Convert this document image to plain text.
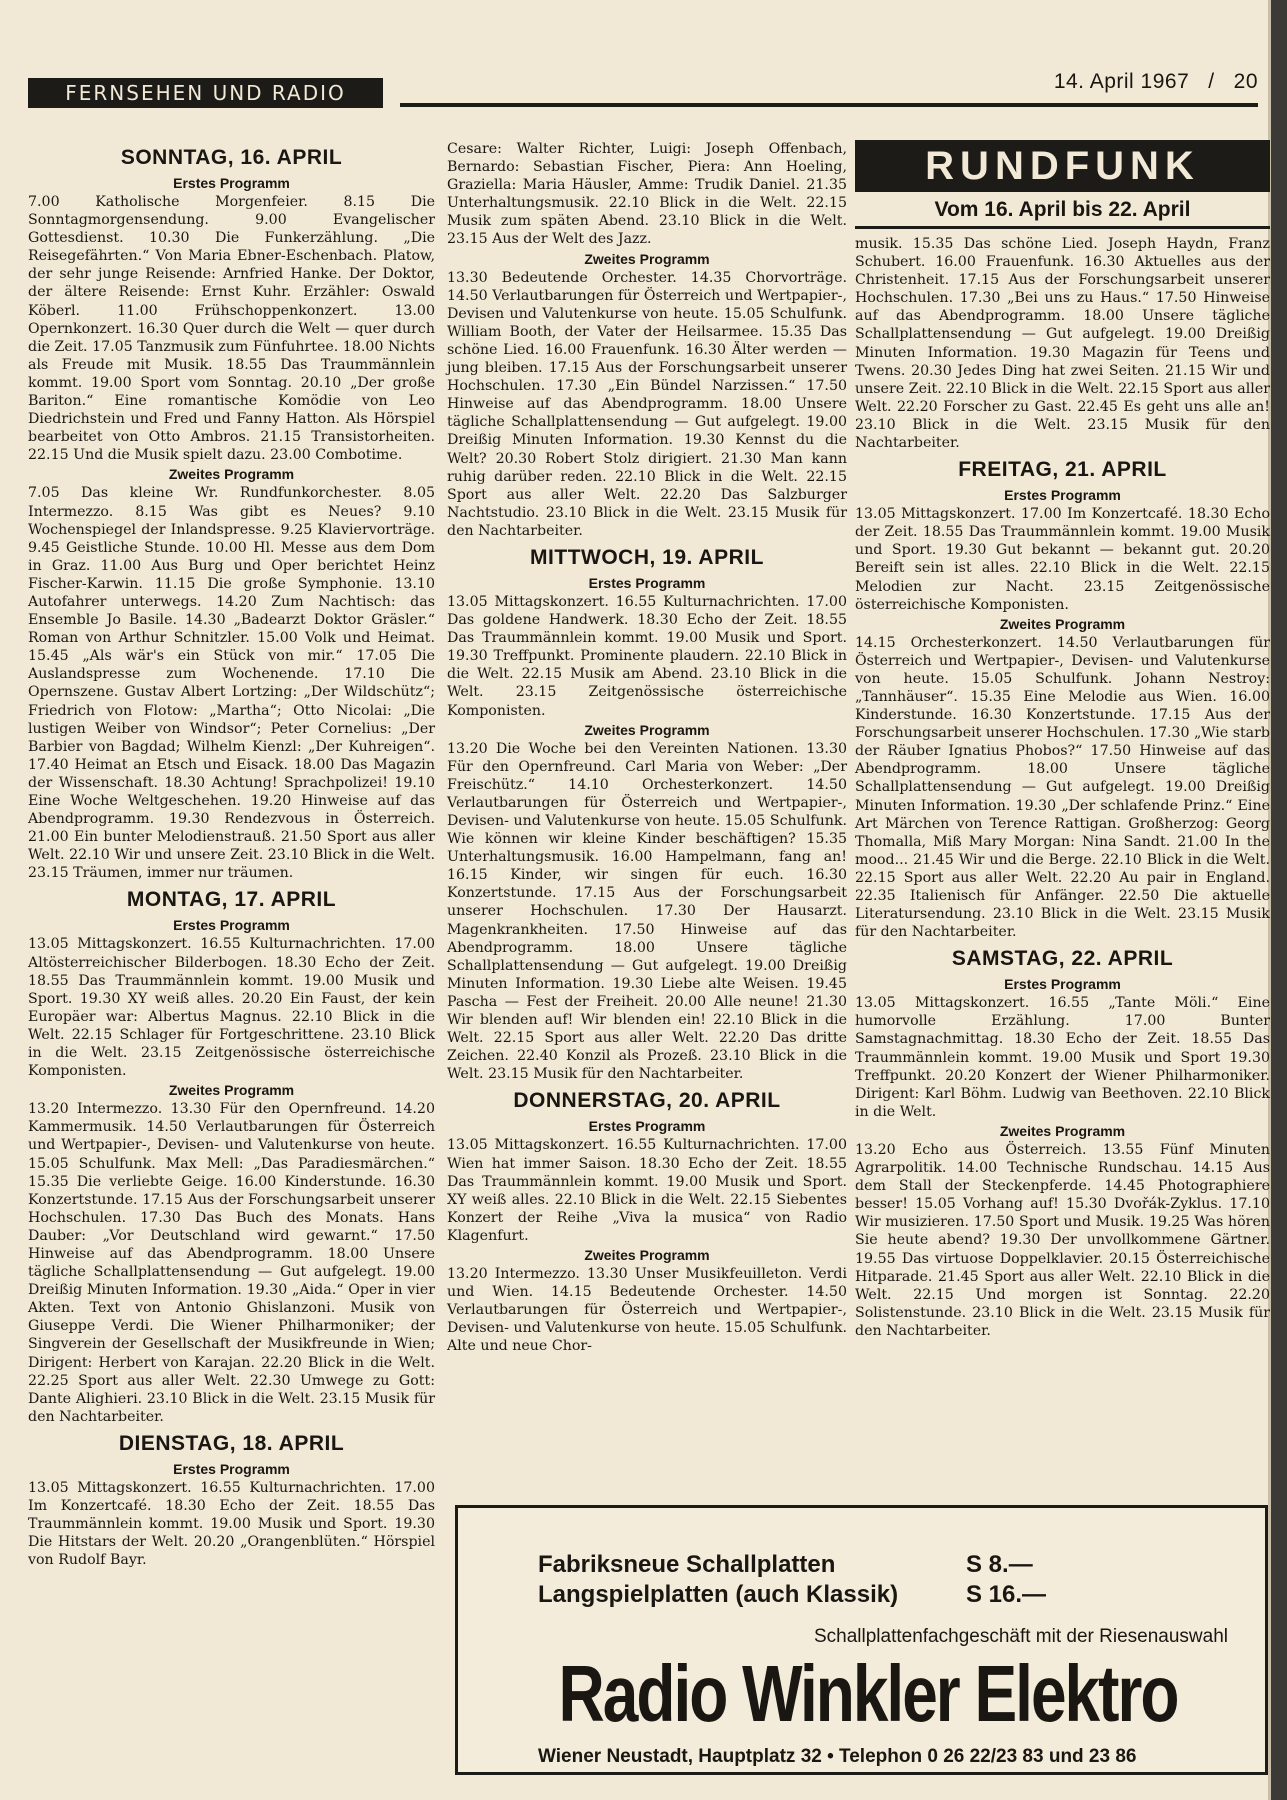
FERNSEHEN UND RADIO	14. April 1967 / 20
SONNTAG, 16. APRIL
Erstes Programm

7.00 Katholische Morgenfeier. 8.15 Die Sonntagmorgensendung. 9.00 Evangelischer Gottesdienst. 10.30 Die Funkerzählung. „Die Reisegefährten.“ Von Maria Ebner-Eschenbach. Platow, der sehr junge Reisende: Arnfried Hanke. Der Doktor, der ältere Reisende: Ernst Kuhr. Erzähler: Oswald Köberl. 11.00 Frühschoppenkonzert. 13.00 Opernkonzert. 16.30 Quer durch die Welt — quer durch die Zeit. 17.05 Tanzmusik zum Fünfuhrtee. 18.00 Nichts als Freude mit Musik. 18.55 Das Traummännlein kommt. 19.00 Sport vom Sonntag. 20.10 „Der große Bariton.“ Eine romantische Komödie von Leo Diedrichstein und Fred und Fanny Hatton. Als Hörspiel bearbeitet von Otto Ambros. 21.15 Transistorheiten. 22.15 Und die Musik spielt dazu. 23.00 Combotime.

Zweites Programm

7.05 Das kleine Wr. Rundfunkorchester. 8.05 Intermezzo. 8.15 Was gibt es Neues? 9.10 Wochenspiegel der Inlandspresse. 9.25 Klaviervorträge. 9.45 Geistliche Stunde. 10.00 Hl. Messe aus dem Dom in Graz. 11.00 Aus Burg und Oper berichtet Heinz Fischer-Karwin. 11.15 Die große Symphonie. 13.10 Autofahrer unterwegs. 14.20 Zum Nachtisch: das Ensemble Jo Basile. 14.30 „Badearzt Doktor Gräsler.“ Roman von Arthur Schnitzler. 15.00 Volk und Heimat. 15.45 „Als wär's ein Stück von mir.“ 17.05 Die Auslandspresse zum Wochenende. 17.10 Die Opernszene. Gustav Albert Lortzing: „Der Wildschütz“; Friedrich von Flotow: „Martha“; Otto Nicolai: „Die lustigen Weiber von Windsor“; Peter Cornelius: „Der Barbier von Bagdad; Wilhelm Kienzl: „Der Kuhreigen“. 17.40 Heimat an Etsch und Eisack. 18.00 Das Magazin der Wissenschaft. 18.30 Achtung! Sprachpolizei! 19.10 Eine Woche Weltgeschehen. 19.20 Hinweise auf das Abendprogramm. 19.30 Rendezvous in Österreich. 21.00 Ein bunter Melodienstrauß. 21.50 Sport aus aller Welt. 22.10 Wir und unsere Zeit. 23.10 Blick in die Welt. 23.15 Träumen, immer nur träumen.

MONTAG, 17. APRIL
Erstes Programm

13.05 Mittagskonzert. 16.55 Kulturnachrichten. 17.00 Altösterreichischer Bilderbogen. 18.30 Echo der Zeit. 18.55 Das Traummännlein kommt. 19.00 Musik und Sport. 19.30 XY weiß alles. 20.20 Ein Faust, der kein Europäer war: Albertus Magnus. 22.10 Blick in die Welt. 22.15 Schlager für Fortgeschrittene. 23.10 Blick in die Welt. 23.15 Zeitgenössische österreichische Komponisten.

Zweites Programm

13.20 Intermezzo. 13.30 Für den Opernfreund. 14.20 Kammermusik. 14.50 Verlautbarungen für Österreich und Wertpapier-, Devisen- und Valutenkurse von heute. 15.05 Schulfunk. Max Mell: „Das Paradiesmärchen.“ 15.35 Die verliebte Geige. 16.00 Kinderstunde. 16.30 Konzertstunde. 17.15 Aus der Forschungsarbeit unserer Hochschulen. 17.30 Das Buch des Monats. Hans Dauber: „Vor Deutschland wird gewarnt.“ 17.50 Hinweise auf das Abendprogramm. 18.00 Unsere tägliche Schallplattensendung — Gut aufgelegt. 19.00 Dreißig Minuten Information. 19.30 „Aida.“ Oper in vier Akten. Text von Antonio Ghislanzoni. Musik von Giuseppe Verdi. Die Wiener Philharmoniker; der Singverein der Gesellschaft der Musikfreunde in Wien; Dirigent: Herbert von Karajan. 22.20 Blick in die Welt. 22.25 Sport aus aller Welt. 22.30 Umwege zu Gott: Dante Alighieri. 23.10 Blick in die Welt. 23.15 Musik für den Nachtarbeiter.

DIENSTAG, 18. APRIL
Erstes Programm

13.05 Mittagskonzert. 16.55 Kulturnachrichten. 17.00 Im Konzertcafé. 18.30 Echo der Zeit. 18.55 Das Traummännlein kommt. 19.00 Musik und Sport. 19.30 Die Hitstars der Welt. 20.20 „Orangenblüten.“ Hörspiel von Rudolf Bayr.

Cesare: Walter Richter, Luigi: Joseph Offenbach, Bernardo: Sebastian Fischer, Piera: Ann Hoeling, Graziella: Maria Häusler, Amme: Trudik Daniel. 21.35 Unterhaltungsmusik. 22.10 Blick in die Welt. 22.15 Musik zum späten Abend. 23.10 Blick in die Welt. 23.15 Aus der Welt des Jazz.

Zweites Programm

13.30 Bedeutende Orchester. 14.35 Chorvorträge. 14.50 Verlautbarungen für Österreich und Wertpapier-, Devisen und Valutenkurse von heute. 15.05 Schulfunk. William Booth, der Vater der Heilsarmee. 15.35 Das schöne Lied. 16.00 Frauenfunk. 16.30 Älter werden — jung bleiben. 17.15 Aus der Forschungsarbeit unserer Hochschulen. 17.30 „Ein Bündel Narzissen.“ 17.50 Hinweise auf das Abendprogramm. 18.00 Unsere tägliche Schallplattensendung — Gut aufgelegt. 19.00 Dreißig Minuten Information. 19.30 Kennst du die Welt? 20.30 Robert Stolz dirigiert. 21.30 Man kann ruhig darüber reden. 22.10 Blick in die Welt. 22.15 Sport aus aller Welt. 22.20 Das Salzburger Nachtstudio. 23.10 Blick in die Welt. 23.15 Musik für den Nachtarbeiter.

MITTWOCH, 19. APRIL
Erstes Programm

13.05 Mittagskonzert. 16.55 Kulturnachrichten. 17.00 Das goldene Handwerk. 18.30 Echo der Zeit. 18.55 Das Traummännlein kommt. 19.00 Musik und Sport. 19.30 Treffpunkt. Prominente plaudern. 22.10 Blick in die Welt. 22.15 Musik am Abend. 23.10 Blick in die Welt. 23.15 Zeitgenössische österreichische Komponisten.

Zweites Programm

13.20 Die Woche bei den Vereinten Nationen. 13.30 Für den Opernfreund. Carl Maria von Weber: „Der Freischütz.“ 14.10 Orchesterkonzert. 14.50 Verlautbarungen für Österreich und Wertpapier-, Devisen- und Valutenkurse von heute. 15.05 Schulfunk. Wie können wir kleine Kinder beschäftigen? 15.35 Unterhaltungsmusik. 16.00 Hampelmann, fang an! 16.15 Kinder, wir singen für euch. 16.30 Konzertstunde. 17.15 Aus der Forschungsarbeit unserer Hochschulen. 17.30 Der Hausarzt. Magenkrankheiten. 17.50 Hinweise auf das Abendprogramm. 18.00 Unsere tägliche Schallplattensendung — Gut aufgelegt. 19.00 Dreißig Minuten Information. 19.30 Liebe alte Weisen. 19.45 Pascha — Fest der Freiheit. 20.00 Alle neune! 21.30 Wir blenden auf! Wir blenden ein! 22.10 Blick in die Welt. 22.15 Sport aus aller Welt. 22.20 Das dritte Zeichen. 22.40 Konzil als Prozeß. 23.10 Blick in die Welt. 23.15 Musik für den Nachtarbeiter.

DONNERSTAG, 20. APRIL
Erstes Programm

13.05 Mittagskonzert. 16.55 Kulturnachrichten. 17.00 Wien hat immer Saison. 18.30 Echo der Zeit. 18.55 Das Traummännlein kommt. 19.00 Musik und Sport. XY weiß alles. 22.10 Blick in die Welt. 22.15 Siebentes Konzert der Reihe „Viva la musica“ von Radio Klagenfurt.

Zweites Programm

13.20 Intermezzo. 13.30 Unser Musikfeuilleton. Verdi und Wien. 14.15 Bedeutende Orchester. 14.50 Verlautbarungen für Österreich und Wertpapier-, Devisen- und Valutenkurse von heute. 15.05 Schulfunk. Alte und neue Chor-

RUNDFUNK
Vom 16. April bis 22. April

musik. 15.35 Das schöne Lied. Joseph Haydn, Franz Schubert. 16.00 Frauenfunk. 16.30 Aktuelles aus der Christenheit. 17.15 Aus der Forschungsarbeit unserer Hochschulen. 17.30 „Bei uns zu Haus.“ 17.50 Hinweise auf das Abendprogramm. 18.00 Unsere tägliche Schallplattensendung — Gut aufgelegt. 19.00 Dreißig Minuten Information. 19.30 Magazin für Teens und Twens. 20.30 Jedes Ding hat zwei Seiten. 21.15 Wir und unsere Zeit. 22.10 Blick in die Welt. 22.15 Sport aus aller Welt. 22.20 Forscher zu Gast. 22.45 Es geht uns alle an! 23.10 Blick in die Welt. 23.15 Musik für den Nachtarbeiter.

FREITAG, 21. APRIL
Erstes Programm

13.05 Mittagskonzert. 17.00 Im Konzertcafé. 18.30 Echo der Zeit. 18.55 Das Traummännlein kommt. 19.00 Musik und Sport. 19.30 Gut bekannt — bekannt gut. 20.20 Bereift sein ist alles. 22.10 Blick in die Welt. 22.15 Melodien zur Nacht. 23.15 Zeitgenössische österreichische Komponisten.

Zweites Programm

14.15 Orchesterkonzert. 14.50 Verlautbarungen für Österreich und Wertpapier-, Devisen- und Valutenkurse von heute. 15.05 Schulfunk. Johann Nestroy: „Tannhäuser“. 15.35 Eine Melodie aus Wien. 16.00 Kinderstunde. 16.30 Konzertstunde. 17.15 Aus der Forschungsarbeit unserer Hochschulen. 17.30 „Wie starb der Räuber Ignatius Phobos?“ 17.50 Hinweise auf das Abendprogramm. 18.00 Unsere tägliche Schallplattensendung — Gut aufgelegt. 19.00 Dreißig Minuten Information. 19.30 „Der schlafende Prinz.“ Eine Art Märchen von Terence Rattigan. Großherzog: Georg Thomalla, Miß Mary Morgan: Nina Sandt. 21.00 In the mood... 21.45 Wir und die Berge. 22.10 Blick in die Welt. 22.15 Sport aus aller Welt. 22.20 Au pair in England. 22.35 Italienisch für Anfänger. 22.50 Die aktuelle Literatursendung. 23.10 Blick in die Welt. 23.15 Musik für den Nachtarbeiter.

SAMSTAG, 22. APRIL
Erstes Programm

13.05 Mittagskonzert. 16.55 „Tante Möli.“ Eine humorvolle Erzählung. 17.00 Bunter Samstagnachmittag. 18.30 Echo der Zeit. 18.55 Das Traummännlein kommt. 19.00 Musik und Sport 19.30 Treffpunkt. 20.20 Konzert der Wiener Philharmoniker. Dirigent: Karl Böhm. Ludwig van Beethoven. 22.10 Blick in die Welt.

Zweites Programm

13.20 Echo aus Österreich. 13.55 Fünf Minuten Agrarpolitik. 14.00 Technische Rundschau. 14.15 Aus dem Stall der Steckenpferde. 14.45 Photographiere besser! 15.05 Vorhang auf! 15.30 Dvořák-Zyklus. 17.10 Wir musizieren. 17.50 Sport und Musik. 19.25 Was hören Sie heute abend? 19.30 Der unvollkommene Gärtner. 19.55 Das virtuose Doppelklavier. 20.15 Österreichische Hitparade. 21.45 Sport aus aller Welt. 22.10 Blick in die Welt. 22.15 Und morgen ist Sonntag. 22.20 Solistenstunde. 23.10 Blick in die Welt. 23.15 Musik für den Nachtarbeiter.

Fabriksneue Schallplatten	S 8.—
Langspielplatten (auch Klassik)	S 16.—
Schallplattenfachgeschäft mit der Riesenauswahl
Radio Winkler Elektro
Wiener Neustadt, Hauptplatz 32 • Telephon 0 26 22/23 83 und 23 86
